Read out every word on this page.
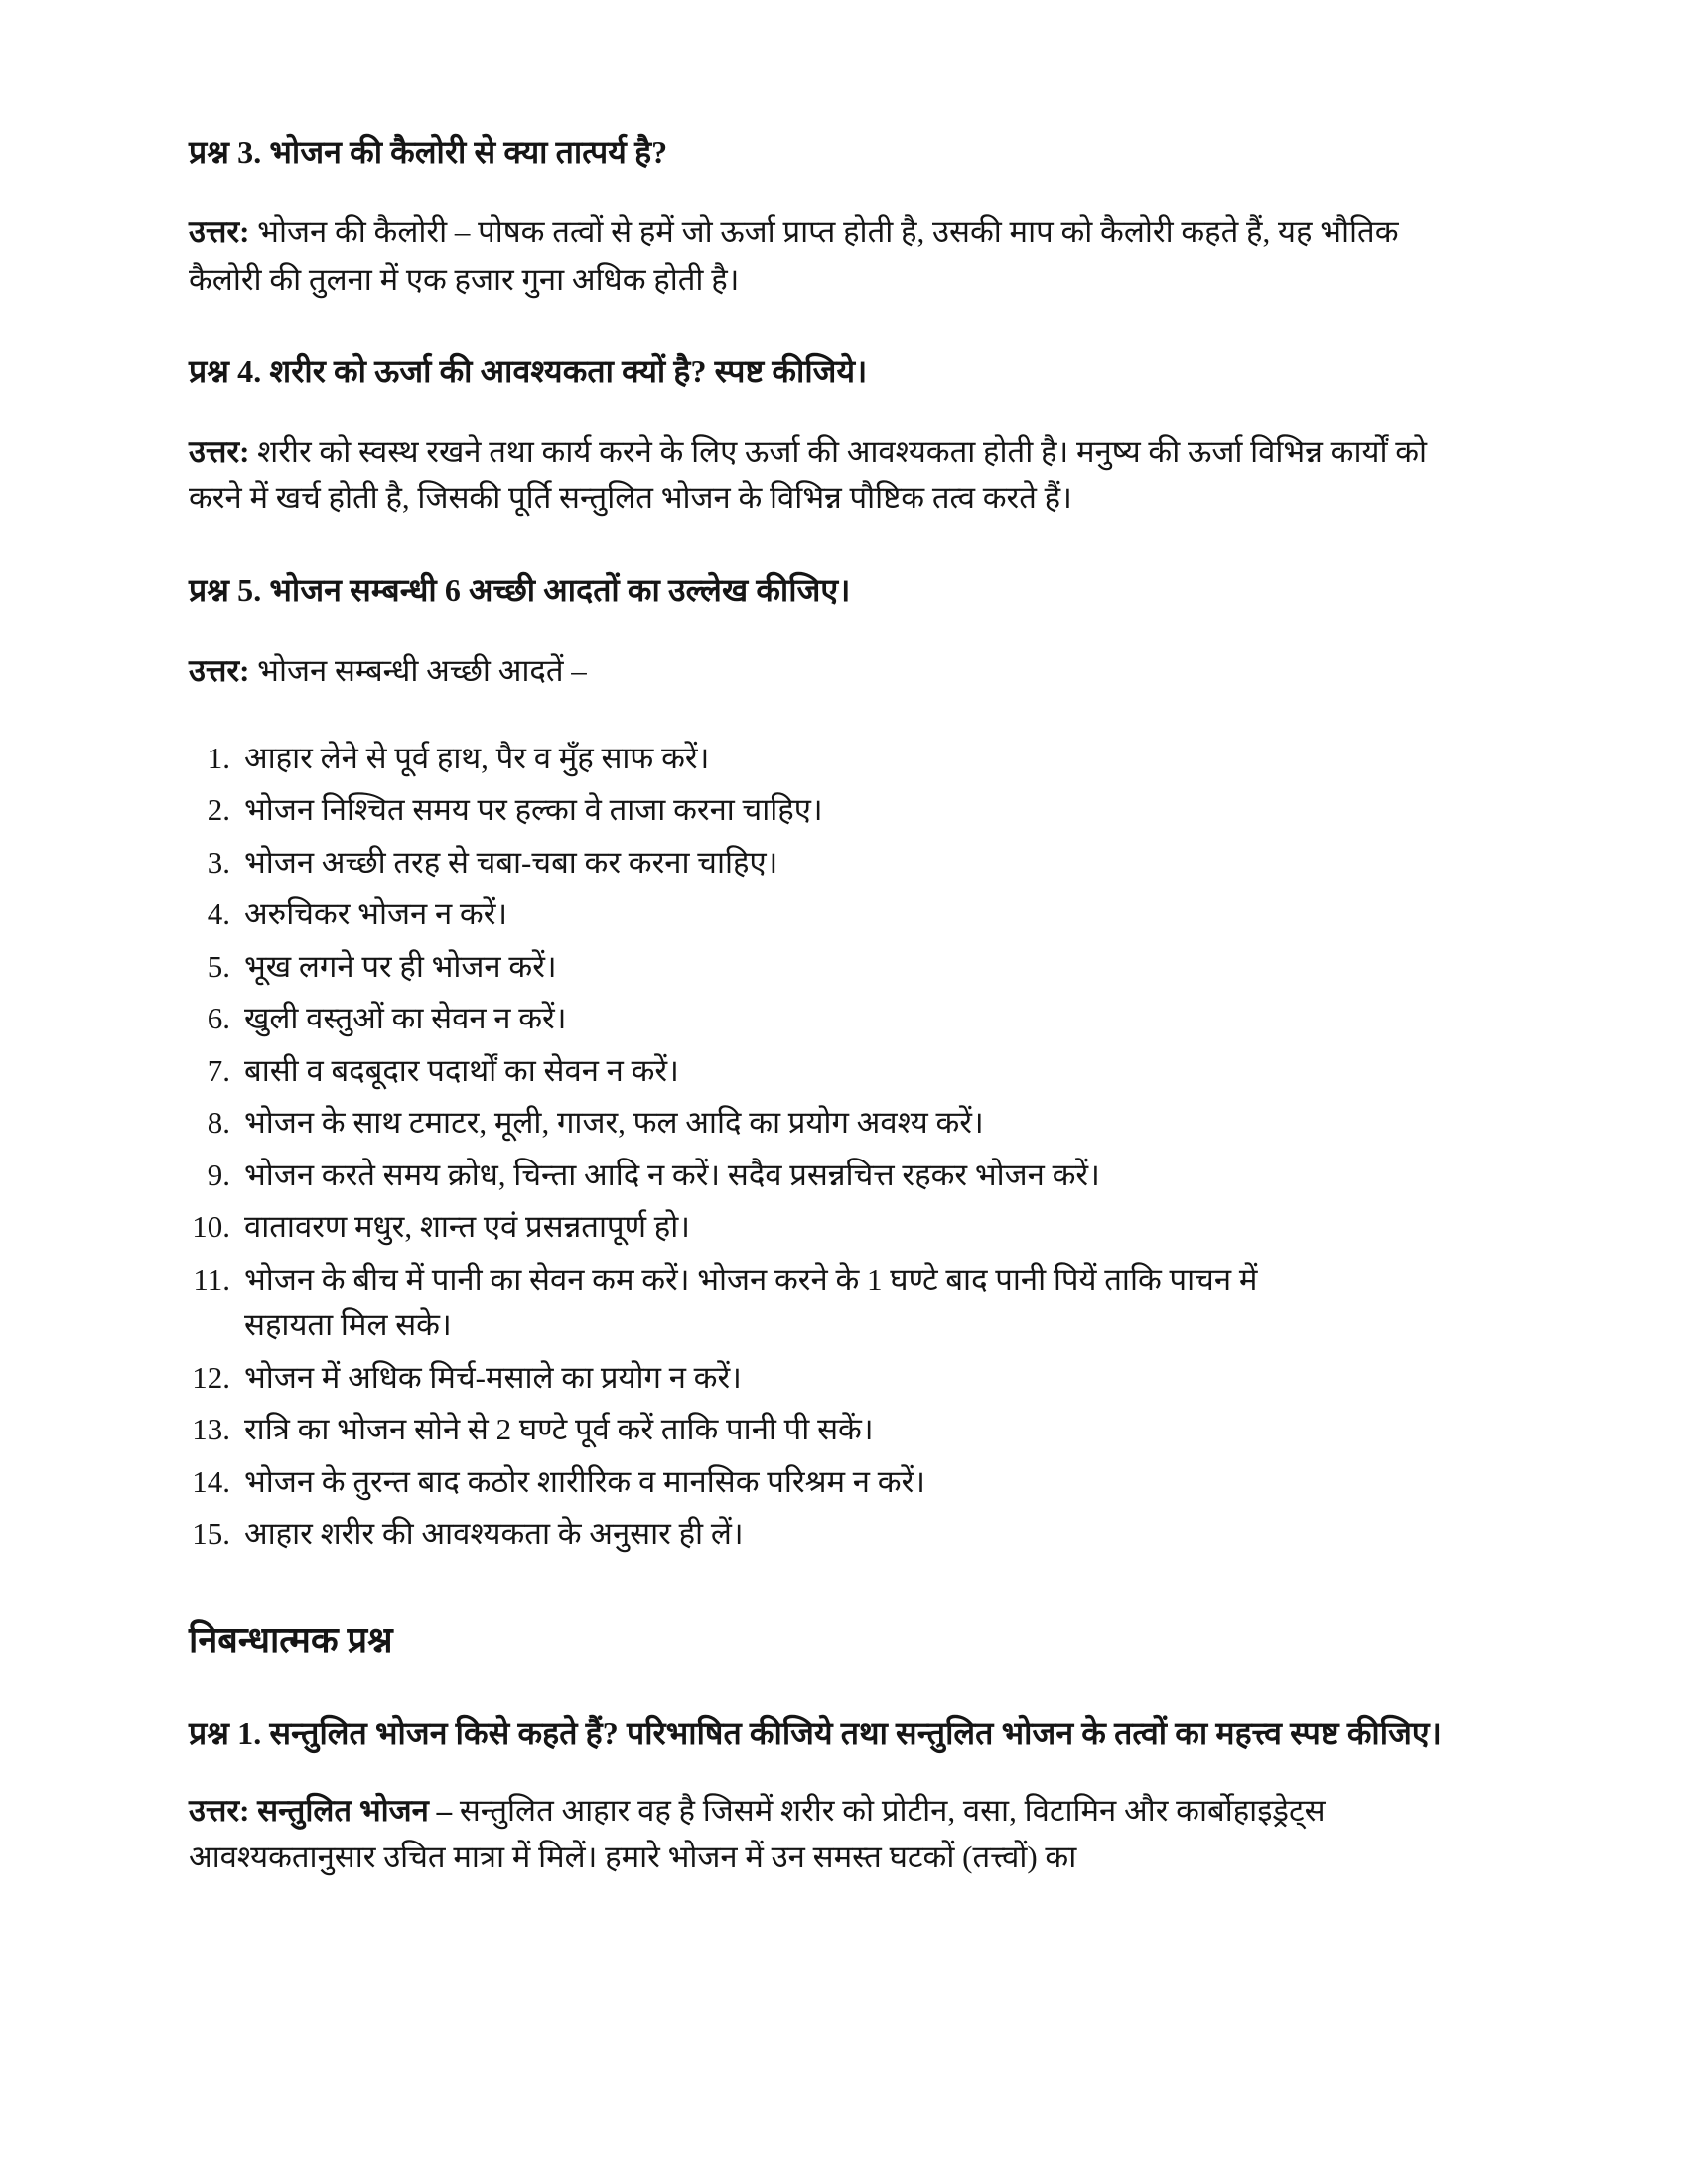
प्रश्न 3. भोजन की कैलोरी से क्या तात्पर्य है?

उत्तर: भोजन की कैलोरी – पोषक तत्वों से हमें जो ऊर्जा प्राप्त होती है, उसकी माप को कैलोरी कहते हैं, यह भौतिक कैलोरी की तुलना में एक हजार गुना अधिक होती है।

प्रश्न 4. शरीर को ऊर्जा की आवश्यकता क्यों है? स्पष्ट कीजिये।

उत्तर: शरीर को स्वस्थ रखने तथा कार्य करने के लिए ऊर्जा की आवश्यकता होती है। मनुष्य की ऊर्जा विभिन्न कार्यों को करने में खर्च होती है, जिसकी पूर्ति सन्तुलित भोजन के विभिन्न पौष्टिक तत्व करते हैं।

प्रश्न 5. भोजन सम्बन्धी 6 अच्छी आदतों का उल्लेख कीजिए।

उत्तर: भोजन सम्बन्धी अच्छी आदतें –

1. आहार लेने से पूर्व हाथ, पैर व मुँह साफ करें।
2. भोजन निश्चित समय पर हल्का वे ताजा करना चाहिए।
3. भोजन अच्छी तरह से चबा-चबा कर करना चाहिए।
4. अरुचिकर भोजन न करें।
5. भूख लगने पर ही भोजन करें।
6. खुली वस्तुओं का सेवन न करें।
7. बासी व बदबूदार पदार्थों का सेवन न करें।
8. भोजन के साथ टमाटर, मूली, गाजर, फल आदि का प्रयोग अवश्य करें।
9. भोजन करते समय क्रोध, चिन्ता आदि न करें। सदैव प्रसन्नचित्त रहकर भोजन करें।
10. वातावरण मधुर, शान्त एवं प्रसन्नतापूर्ण हो।
11. भोजन के बीच में पानी का सेवन कम करें। भोजन करने के 1 घण्टे बाद पानी पियें ताकि पाचन में सहायता मिल सके।
12. भोजन में अधिक मिर्च-मसाले का प्रयोग न करें।
13. रात्रि का भोजन सोने से 2 घण्टे पूर्व करें ताकि पानी पी सकें।
14. भोजन के तुरन्त बाद कठोर शारीरिक व मानसिक परिश्रम न करें।
15. आहार शरीर की आवश्यकता के अनुसार ही लें।
निबन्धात्मक प्रश्न
प्रश्न 1. सन्तुलित भोजन किसे कहते हैं? परिभाषित कीजिये तथा सन्तुलित भोजन के तत्वों का महत्त्व स्पष्ट कीजिए।

उत्तर: सन्तुलित भोजन – सन्तुलित आहार वह है जिसमें शरीर को प्रोटीन, वसा, विटामिन और कार्बोहाइड्रेट्स आवश्यकतानुसार उचित मात्रा में मिलें। हमारे भोजन में उन समस्त घटकों (तत्त्वों) का
